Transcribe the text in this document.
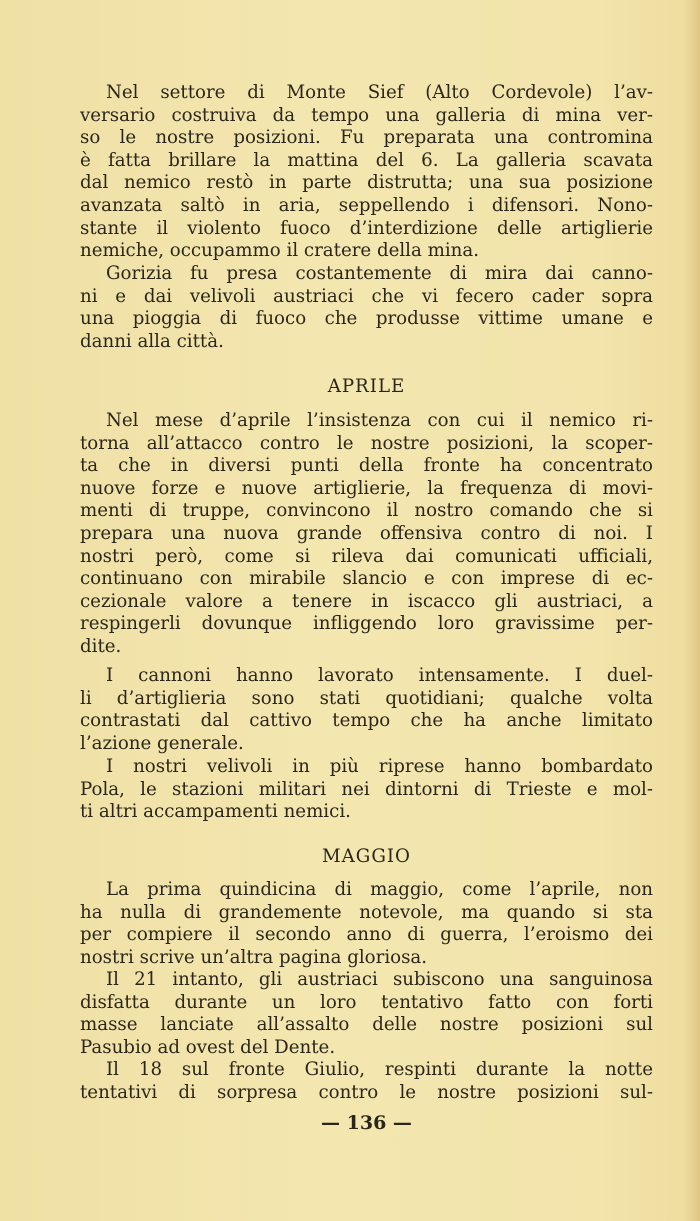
Nel settore di Monte Sief (Alto Cordevole) l’av-
versario costruiva da tempo una galleria di mina ver-
so le nostre posizioni. Fu preparata una contromina
è fatta brillare la mattina del 6. La galleria scavata
dal nemico restò in parte distrutta; una sua posizione
avanzata saltò in aria, seppellendo i difensori. Nono-
stante il violento fuoco d’interdizione delle artiglierie
nemiche, occupammo il cratere della mina.
Gorizia fu presa costantemente di mira dai canno-
ni e dai velivoli austriaci che vi fecero cader sopra
una pioggia di fuoco che produsse vittime umane e
danni alla città.
APRILE
Nel mese d’aprile l’insistenza con cui il nemico ri-
torna all’attacco contro le nostre posizioni, la scoper-
ta che in diversi punti della fronte ha concentrato
nuove forze e nuove artiglierie, la frequenza di movi-
menti di truppe, convincono il nostro comando che si
prepara una nuova grande offensiva contro di noi. I
nostri però, come si rileva dai comunicati ufficiali,
continuano con mirabile slancio e con imprese di ec-
cezionale valore a tenere in iscacco gli austriaci, a
respingerli dovunque infliggendo loro gravissime per-
dite.
I cannoni hanno lavorato intensamente. I duel-
li d’artiglieria sono stati quotidiani; qualche volta
contrastati dal cattivo tempo che ha anche limitato
l’azione generale.
I nostri velivoli in più riprese hanno bombardato
Pola, le stazioni militari nei dintorni di Trieste e mol-
ti altri accampamenti nemici.
MAGGIO
La prima quindicina di maggio, come l’aprile, non
ha nulla di grandemente notevole, ma quando si sta
per compiere il secondo anno di guerra, l’eroismo dei
nostri scrive un’altra pagina gloriosa.
Il 21 intanto, gli austriaci subiscono una sanguinosa
disfatta durante un loro tentativo fatto con forti
masse lanciate all’assalto delle nostre posizioni sul
Pasubio ad ovest del Dente.
Il 18 sul fronte Giulio, respinti durante la notte
tentativi di sorpresa contro le nostre posizioni sul-
— 136 —
